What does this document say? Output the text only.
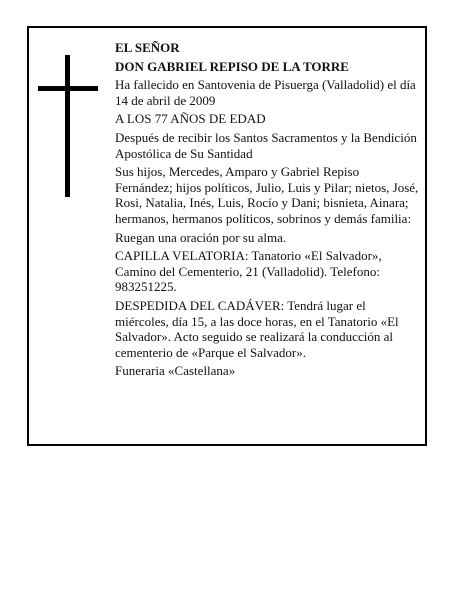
EL SEÑOR

DON GABRIEL REPISO DE LA TORRE

Ha fallecido en Santovenia de Pisuerga (Valladolid) el día 14 de abril de 2009

A LOS 77 AÑOS DE EDAD

Después de recibir los Santos Sacramentos y la Bendición Apostólica de Su Santidad

Sus hijos, Mercedes, Amparo y Gabriel Repiso Fernández; hijos políticos, Julio, Luis y Pilar; nietos, José, Rosi, Natalia, Inés, Luis, Rocío y Dani; bisnieta, Ainara; hermanos, hermanos políticos, sobrinos y demás familia:

Ruegan una oración por su alma.

CAPILLA VELATORIA: Tanatorio «El Salvador», Camino del Cementerio, 21 (Valladolid). Telefono: 983251225.

DESPEDIDA DEL CADÁVER: Tendrá lugar el miércoles, día 15, a las doce horas, en el Tanatorio «El Salvador». Acto seguido se realizará la conducción al cementerio de «Parque el Salvador».

Funeraria «Castellana»
